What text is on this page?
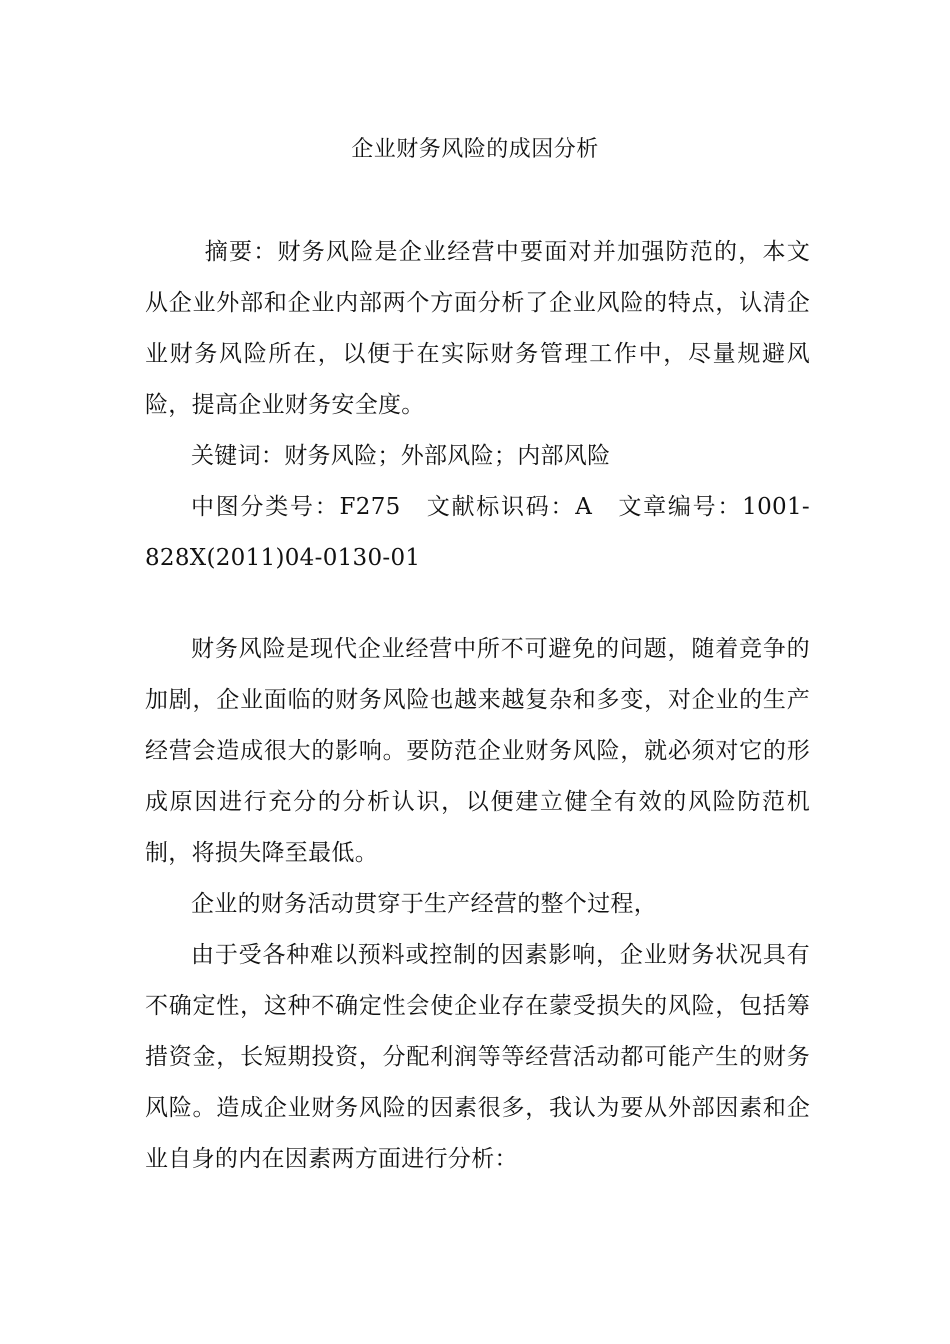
企业财务风险的成因分析

摘要：财务风险是企业经营中要面对并加强防范的，本文从企业外部和企业内部两个方面分析了企业风险的特点，认清企业财务风险所在，以便于在实际财务管理工作中，尽量规避风险，提高企业财务安全度。

关键词：财务风险；外部风险；内部风险

中图分类号：F275　文献标识码：A　文章编号：1001-828X(2011)04-0130-01

财务风险是现代企业经营中所不可避免的问题，随着竞争的加剧，企业面临的财务风险也越来越复杂和多变，对企业的生产经营会造成很大的影响。要防范企业财务风险，就必须对它的形成原因进行充分的分析认识，以便建立健全有效的风险防范机制，将损失降至最低。

企业的财务活动贯穿于生产经营的整个过程，

由于受各种难以预料或控制的因素影响，企业财务状况具有不确定性，这种不确定性会使企业存在蒙受损失的风险，包括筹措资金，长短期投资，分配利润等等经营活动都可能产生的财务风险。造成企业财务风险的因素很多，我认为要从外部因素和企业自身的内在因素两方面进行分析：
